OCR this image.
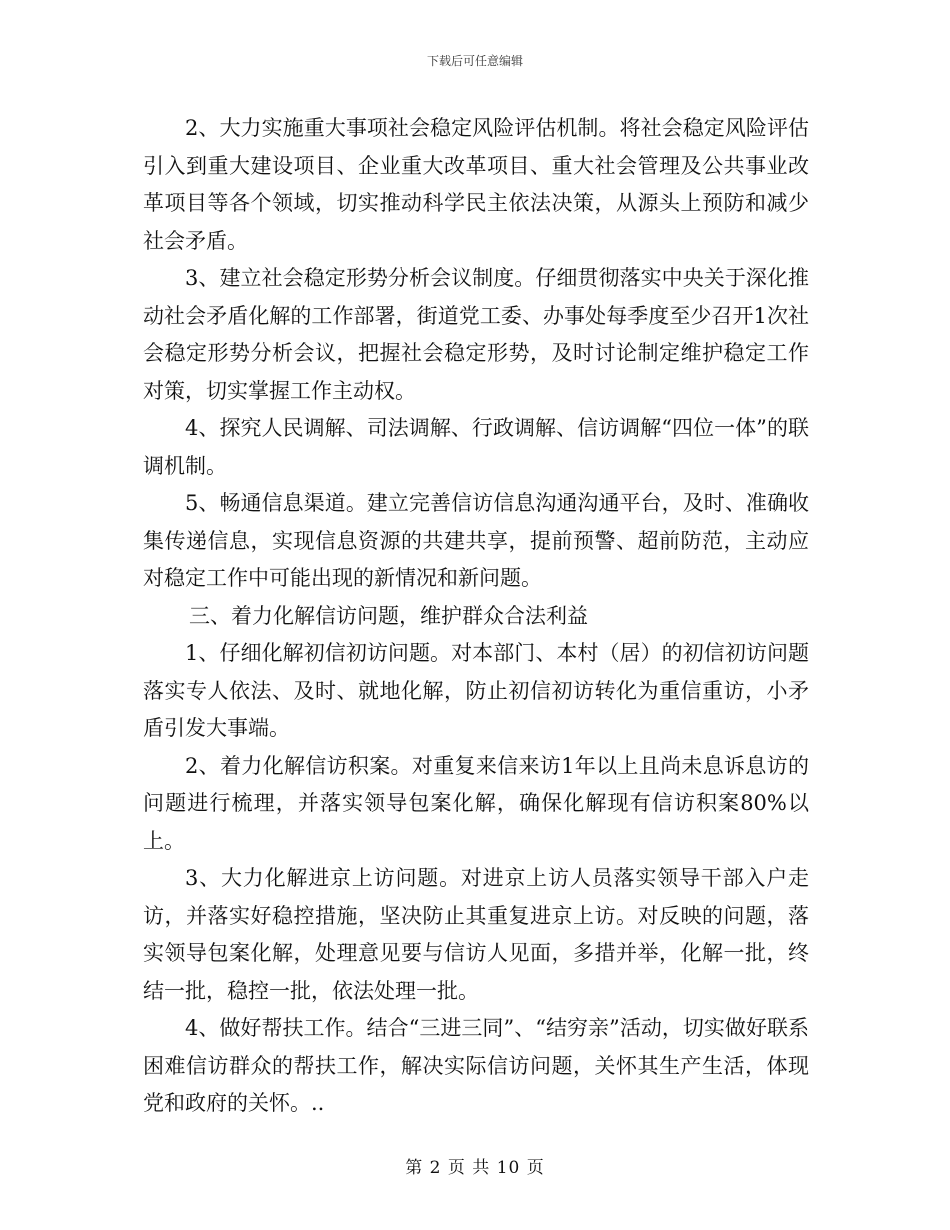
下载后可任意编辑

2、大力实施重大事项社会稳定风险评估机制。将社会稳定风险评估引入到重大建设项目、企业重大改革项目、重大社会管理及公共事业改革项目等各个领域，切实推动科学民主依法决策，从源头上预防和减少社会矛盾。

3、建立社会稳定形势分析会议制度。仔细贯彻落实中央关于深化推动社会矛盾化解的工作部署，街道党工委、办事处每季度至少召开1次社会稳定形势分析会议，把握社会稳定形势，及时讨论制定维护稳定工作对策，切实掌握工作主动权。

4、探究人民调解、司法调解、行政调解、信访调解“四位一体”的联调机制。

5、畅通信息渠道。建立完善信访信息沟通沟通平台，及时、准确收集传递信息，实现信息资源的共建共享，提前预警、超前防范，主动应对稳定工作中可能出现的新情况和新问题。

三、着力化解信访问题，维护群众合法利益

1、仔细化解初信初访问题。对本部门、本村（居）的初信初访问题落实专人依法、及时、就地化解，防止初信初访转化为重信重访，小矛盾引发大事端。

2、着力化解信访积案。对重复来信来访1年以上且尚未息诉息访的问题进行梳理，并落实领导包案化解，确保化解现有信访积案80%以上。

3、大力化解进京上访问题。对进京上访人员落实领导干部入户走访，并落实好稳控措施，坚决防止其重复进京上访。对反映的问题，落实领导包案化解，处理意见要与信访人见面，多措并举，化解一批，终结一批，稳控一批，依法处理一批。

4、做好帮扶工作。结合“三进三同”、“结穷亲”活动，切实做好联系困难信访群众的帮扶工作，解决实际信访问题，关怀其生产生活，体现党和政府的关怀。..

第 2 页 共 10 页
